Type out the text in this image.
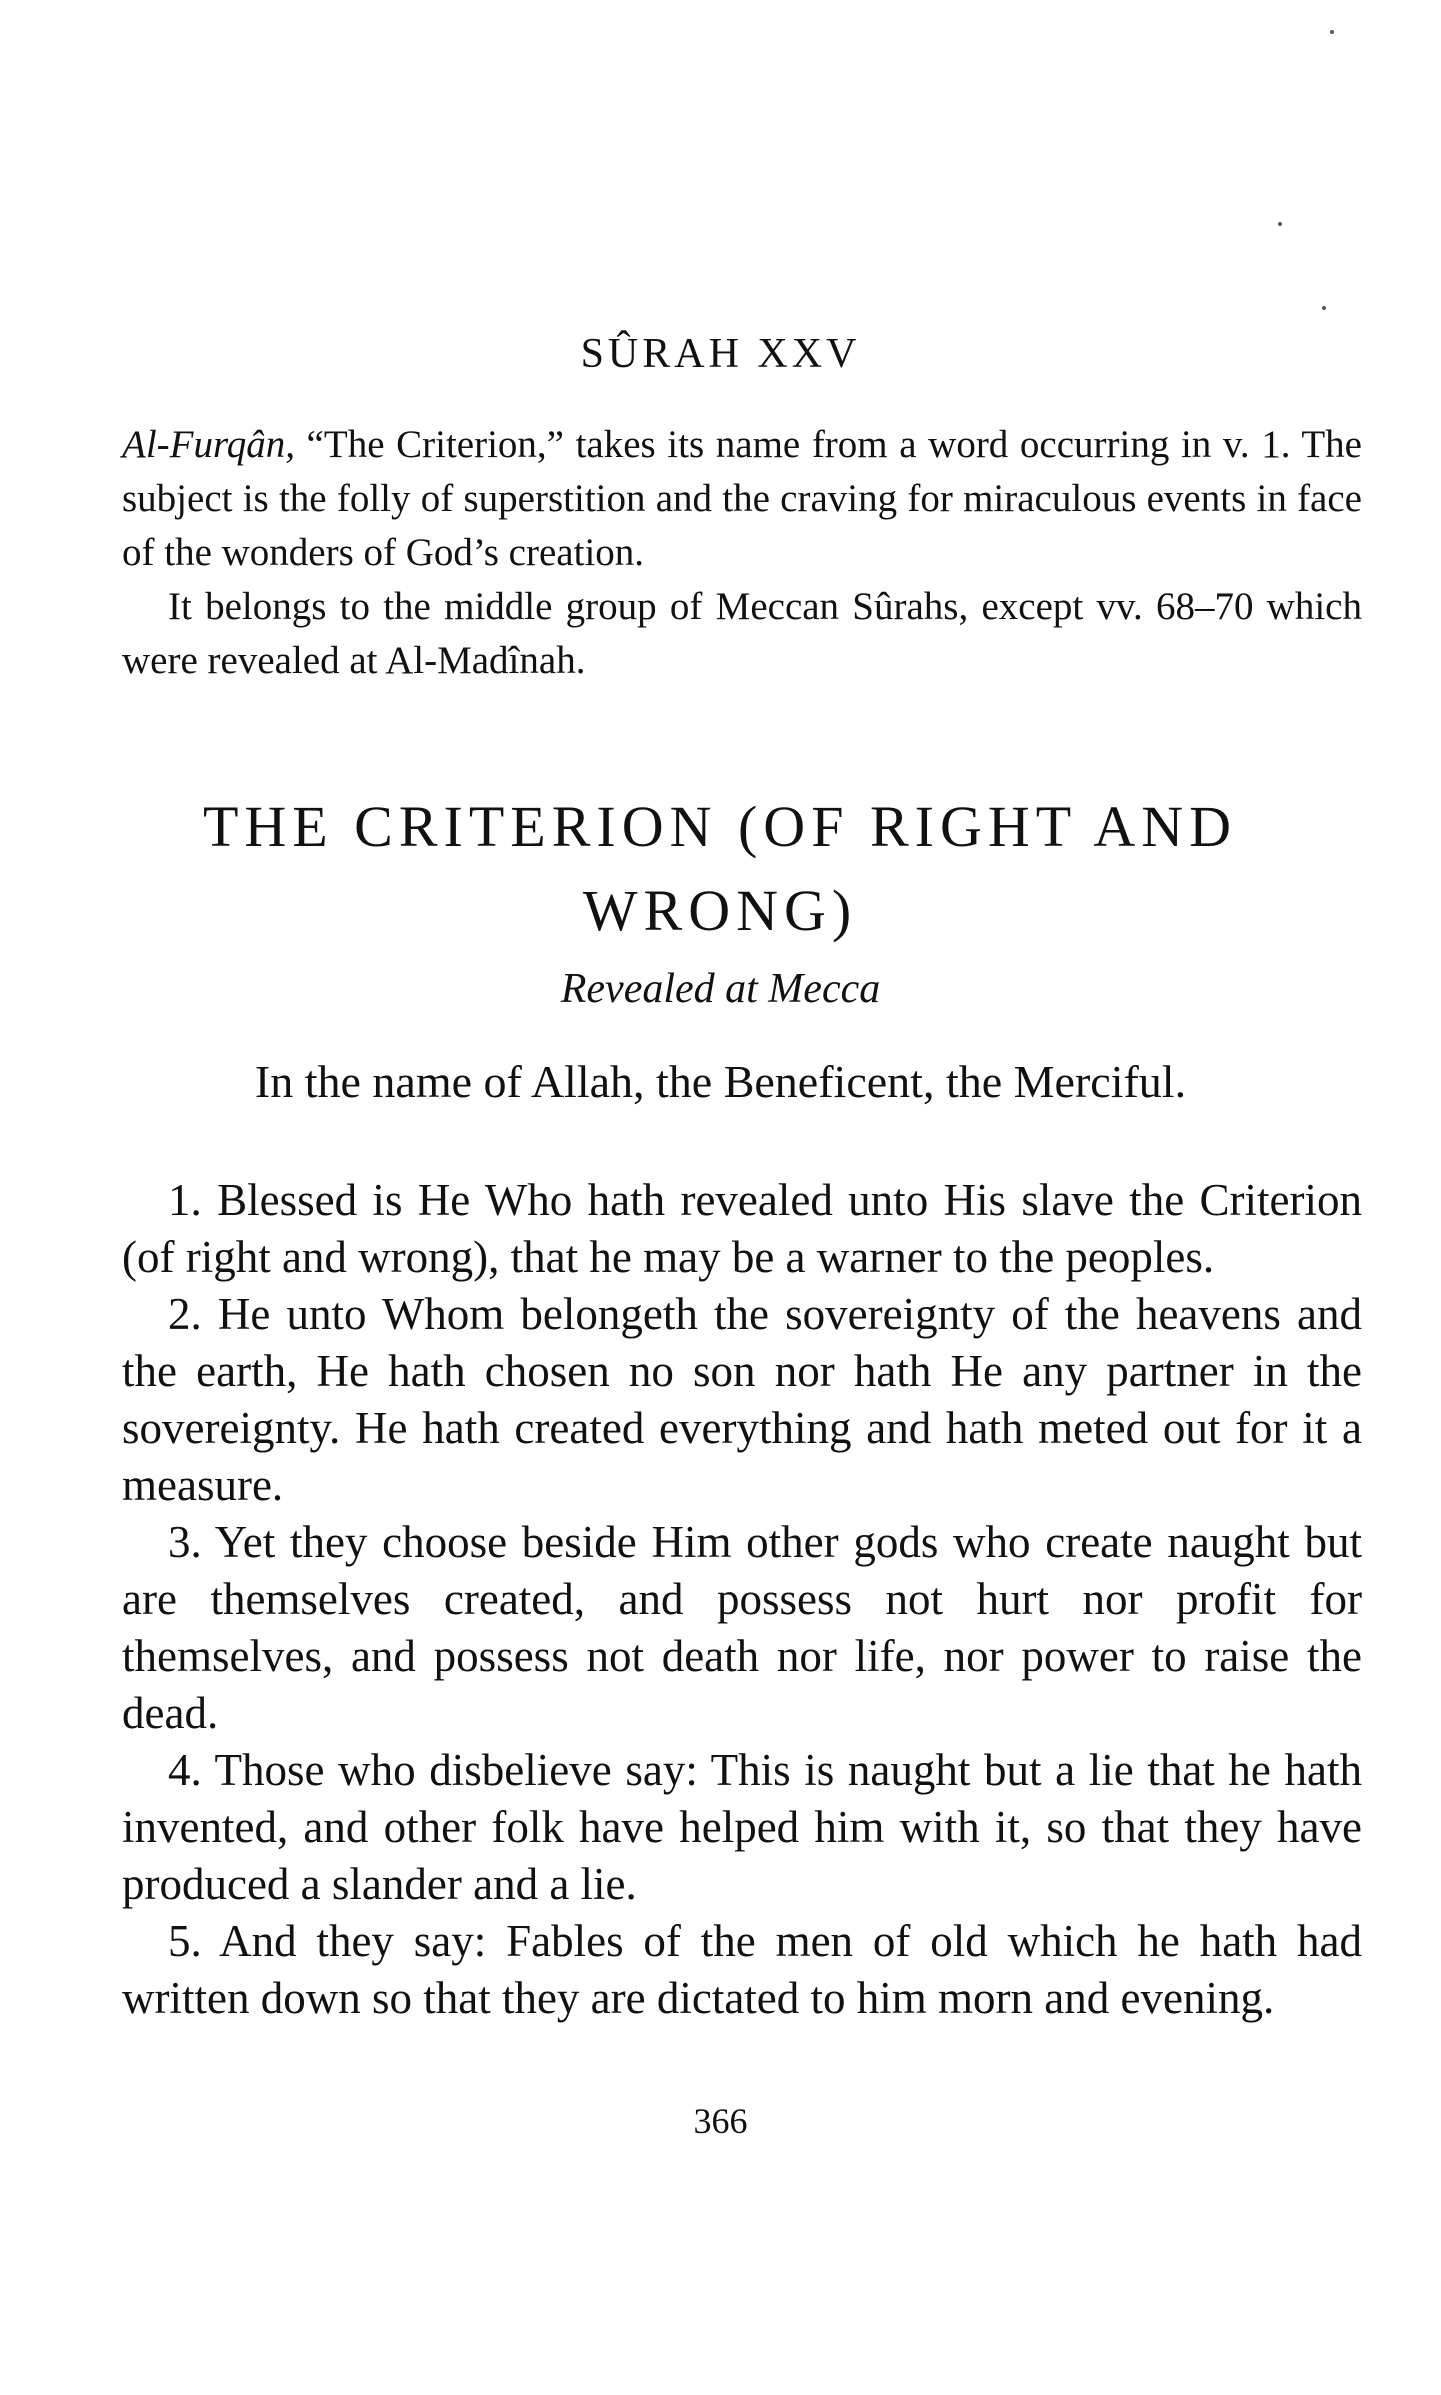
SÛRAH XXV

Al-Furqân, “The Criterion,” takes its name from a word occurring in v. 1. The subject is the folly of superstition and the craving for miraculous events in face of the wonders of God’s creation.

It belongs to the middle group of Meccan Sûrahs, except vv. 68–70 which were revealed at Al-Madînah.

THE CRITERION (OF RIGHT AND WRONG)
Revealed at Mecca
In the name of Allah, the Beneficent, the Merciful.

1. Blessed is He Who hath revealed unto His slave the Criterion (of right and wrong), that he may be a warner to the peoples.

2. He unto Whom belongeth the sovereignty of the heavens and the earth, He hath chosen no son nor hath He any partner in the sovereignty. He hath created everything and hath meted out for it a measure.

3. Yet they choose beside Him other gods who create naught but are themselves created, and possess not hurt nor profit for themselves, and possess not death nor life, nor power to raise the dead.

4. Those who disbelieve say: This is naught but a lie that he hath invented, and other folk have helped him with it, so that they have produced a slander and a lie.

5. And they say: Fables of the men of old which he hath had written down so that they are dictated to him morn and evening.

366
